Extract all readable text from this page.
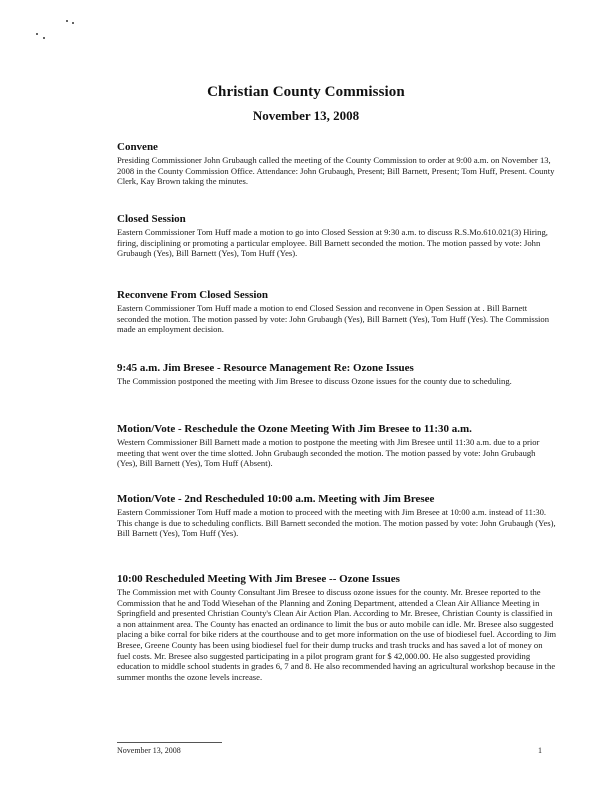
Christian County Commission
November 13, 2008
Convene

Presiding Commissioner John Grubaugh called the meeting of the County Commission to order at 9:00 a.m. on November 13, 2008 in the County Commission Office. Attendance: John Grubaugh, Present; Bill Barnett, Present; Tom Huff, Present. County Clerk, Kay Brown taking the minutes.

Closed Session

Eastern Commissioner Tom Huff made a motion to go into Closed Session at 9:30 a.m. to discuss R.S.Mo.610.021(3) Hiring, firing, disciplining or promoting a particular employee. Bill Barnett seconded the motion. The motion passed by vote: John Grubaugh (Yes), Bill Barnett (Yes), Tom Huff (Yes).

Reconvene From Closed Session

Eastern Commissioner Tom Huff made a motion to end Closed Session and reconvene in Open Session at . Bill Barnett seconded the motion. The motion passed by vote: John Grubaugh (Yes), Bill Barnett (Yes), Tom Huff (Yes). The Commission made an employment decision.

9:45 a.m. Jim Bresee - Resource Management Re: Ozone Issues

The Commission postponed the meeting with Jim Bresee to discuss Ozone issues for the county due to scheduling.

Motion/Vote - Reschedule the Ozone Meeting With Jim Bresee to 11:30 a.m.

Western Commissioner Bill Barnett made a motion to postpone the meeting with Jim Bresee until 11:30 a.m. due to a prior meeting that went over the time slotted. John Grubaugh seconded the motion. The motion passed by vote: John Grubaugh (Yes), Bill Barnett (Yes), Tom Huff (Absent).

Motion/Vote - 2nd Rescheduled 10:00 a.m. Meeting with Jim Bresee

Eastern Commissioner Tom Huff made a motion to proceed with the meeting with Jim Bresee at 10:00 a.m. instead of 11:30. This change is due to scheduling conflicts. Bill Barnett seconded the motion. The motion passed by vote: John Grubaugh (Yes), Bill Barnett (Yes), Tom Huff (Yes).

10:00 Rescheduled Meeting With Jim Bresee -- Ozone Issues

The Commission met with County Consultant Jim Bresee to discuss ozone issues for the county. Mr. Bresee reported to the Commission that he and Todd Wiesehan of the Planning and Zoning Department, attended a Clean Air Alliance Meeting in Springfield and presented Christian County's Clean Air Action Plan. According to Mr. Bresee, Christian County is classified in a non attainment area. The County has enacted an ordinance to limit the bus or auto mobile can idle. Mr. Bresee also suggested placing a bike corral for bike riders at the courthouse and to get more information on the use of biodiesel fuel. According to Jim Bresee, Greene County has been using biodiesel fuel for their dump trucks and trash trucks and has saved a lot of money on fuel costs. Mr. Bresee also suggested participating in a pilot program grant for $ 42,000.00. He also suggested providing education to middle school students in grades 6, 7 and 8. He also recommended having an agricultural workshop because in the summer months the ozone levels increase.

November 13, 2008	1
